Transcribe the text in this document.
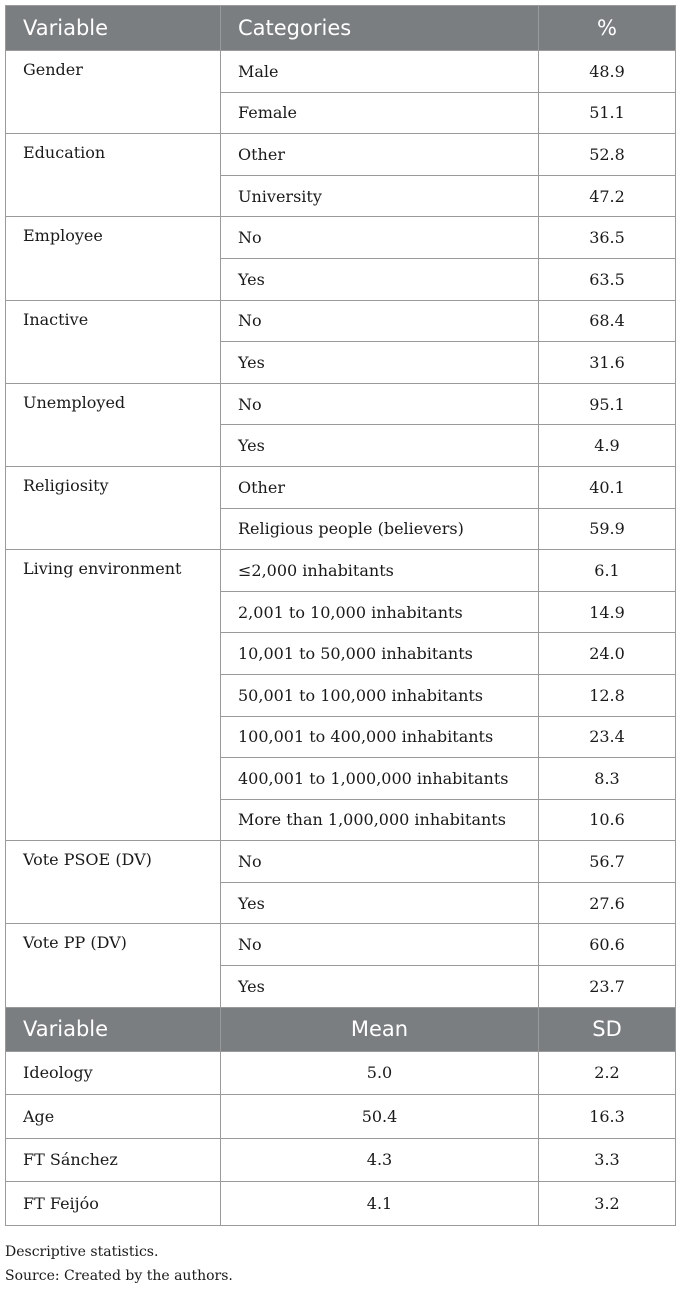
Variable	Categories	%
Gender	Male	48.9
	Female	51.1
Education	Other	52.8
	University	47.2
Employee	No	36.5
	Yes	63.5
Inactive	No	68.4
	Yes	31.6
Unemployed	No	95.1
	Yes	4.9
Religiosity	Other	40.1
	Religious people (believers)	59.9
Living environment	≤2,000 inhabitants	6.1
	2,001 to 10,000 inhabitants	14.9
	10,001 to 50,000 inhabitants	24.0
	50,001 to 100,000 inhabitants	12.8
	100,001 to 400,000 inhabitants	23.4
	400,001 to 1,000,000 inhabitants	8.3
	More than 1,000,000 inhabitants	10.6
Vote PSOE (DV)	No	56.7
	Yes	27.6
Vote PP (DV)	No	60.6
	Yes	23.7
Variable	Mean	SD
Ideology	5.0	2.2
Age	50.4	16.3
FT Sánchez	4.3	3.3
FT Feijóo	4.1	3.2
Descriptive statistics.
Source: Created by the authors.
